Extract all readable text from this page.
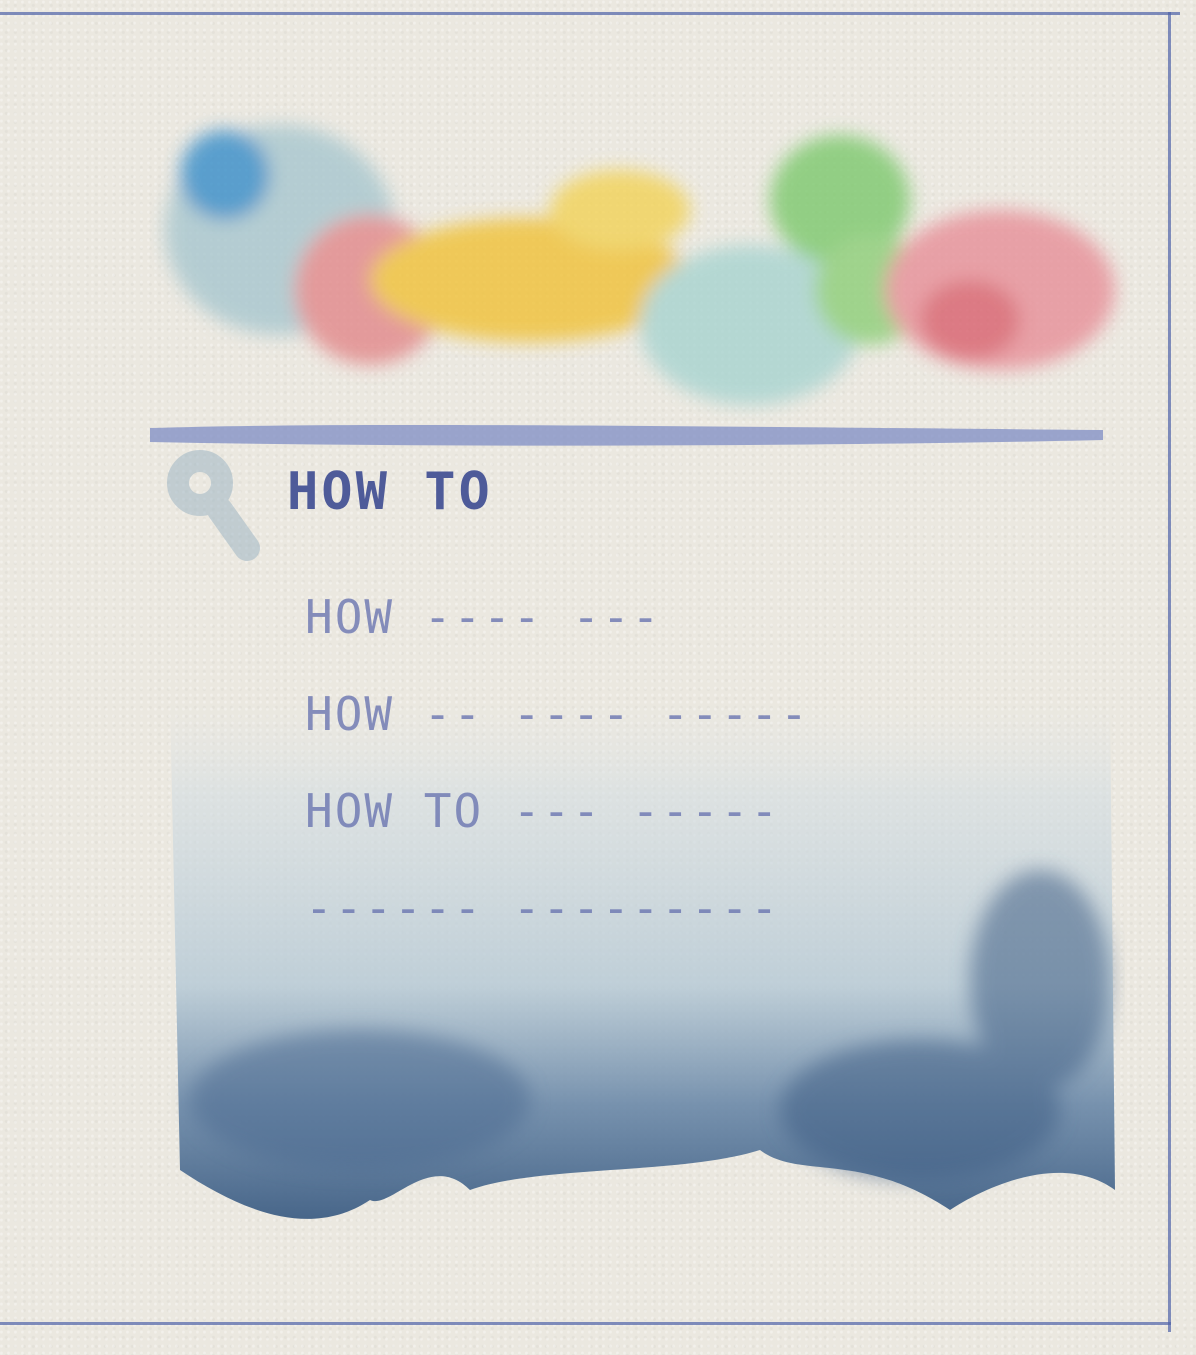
HOW TO
HOW ---- ---
HOW -- ---- -----
HOW TO --- -----
------ ---------
